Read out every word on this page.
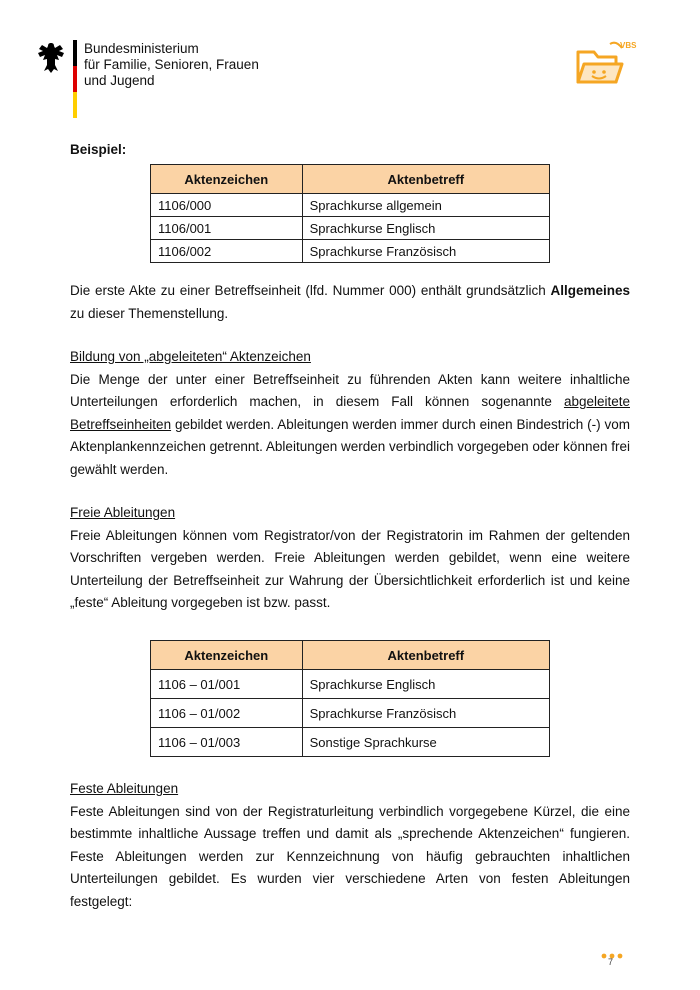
Bundesministerium
für Familie, Senioren, Frauen
und Jugend
VBS
Beispiel:
Aktenzeichen	Aktenbetreff
1106/000	Sprachkurse allgemein
1106/001	Sprachkurse Englisch
1106/002	Sprachkurse Französisch

Die erste Akte zu einer Betreffseinheit (lfd. Nummer 000) enthält grundsätzlich Allgemeines zu dieser Themenstellung.

Bildung von „abgeleiteten“ Aktenzeichen

Die Menge der unter einer Betreffseinheit zu führenden Akten kann weitere inhaltliche Unterteilungen erforderlich machen, in diesem Fall können sogenannte abgeleitete Betreffseinheiten gebildet werden. Ableitungen werden immer durch einen Bindestrich (-) vom Aktenplankennzeichen getrennt. Ableitungen werden verbindlich vorgegeben oder können frei gewählt werden.

Freie Ableitungen

Freie Ableitungen können vom Registrator/von der Registratorin im Rahmen der geltenden Vorschriften vergeben werden. Freie Ableitungen werden gebildet, wenn eine weitere Unterteilung der Betreffseinheit zur Wahrung der Übersichtlichkeit erforderlich ist und keine „feste“ Ableitung vorgegeben ist bzw. passt.

Aktenzeichen	Aktenbetreff
1106 – 01/001	Sprachkurse Englisch
1106 – 01/002	Sprachkurse Französisch
1106 – 01/003	Sonstige Sprachkurse

Feste Ableitungen

Feste Ableitungen sind von der Registraturleitung verbindlich vorgegebene Kürzel, die eine bestimmte inhaltliche Aussage treffen und damit als „sprechende Aktenzeichen“ fungieren. Feste Ableitungen werden zur Kennzeichnung von häufig gebrauchten inhaltlichen Unterteilungen gebildet. Es wurden vier verschiedene Arten von festen Ableitungen festgelegt:

7
